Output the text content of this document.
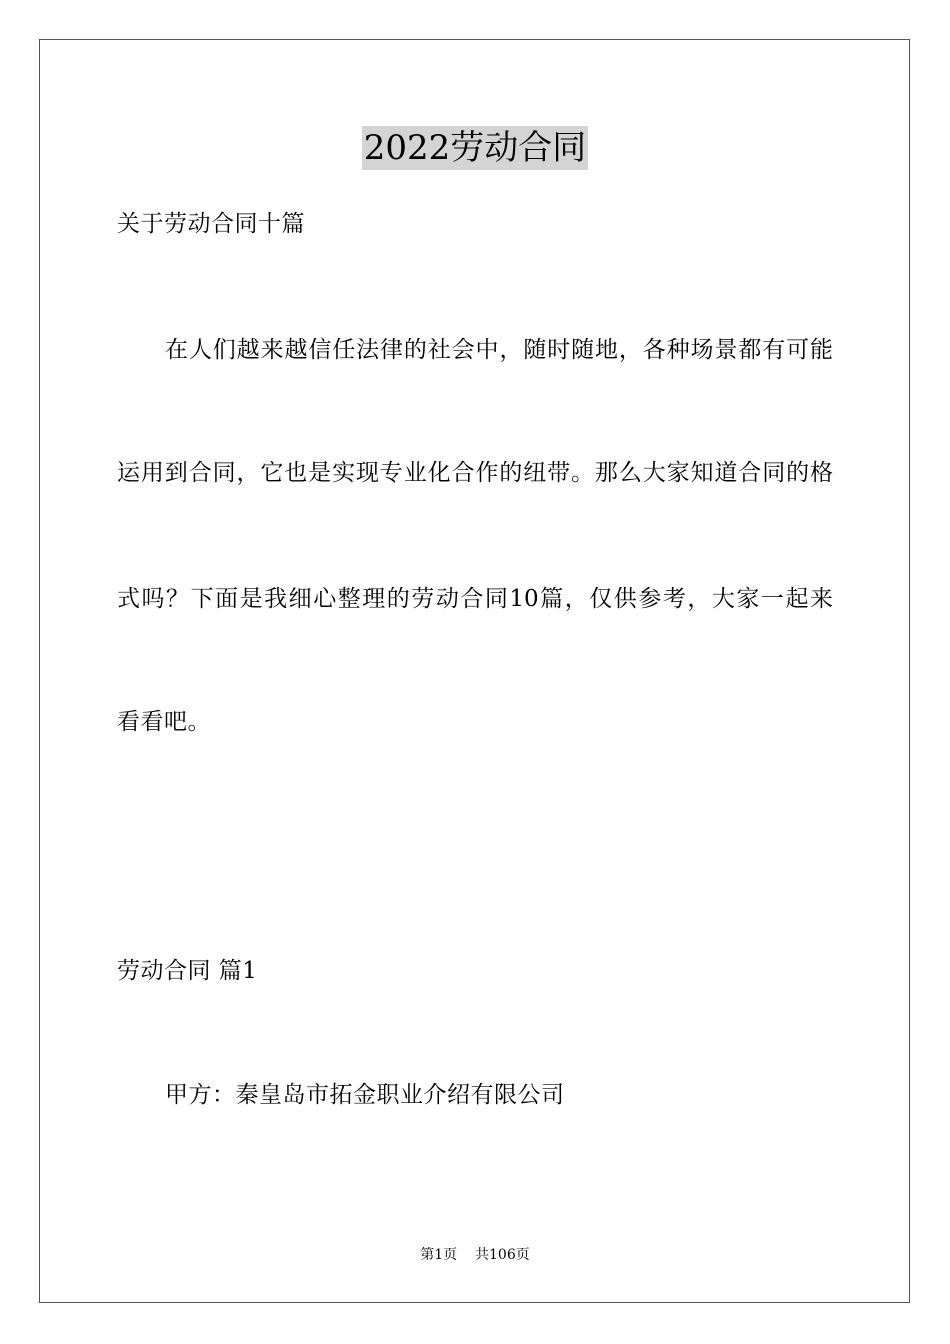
2022劳动合同
关于劳动合同十篇
在人们越来越信任法律的社会中，随时随地，各种场景都有可能
运用到合同，它也是实现专业化合作的纽带。那么大家知道合同的格
式吗？下面是我细心整理的劳动合同10篇，仅供参考，大家一起来
看看吧。
劳动合同 篇1
甲方：秦皇岛市拓金职业介绍有限公司
第1页 共106页
